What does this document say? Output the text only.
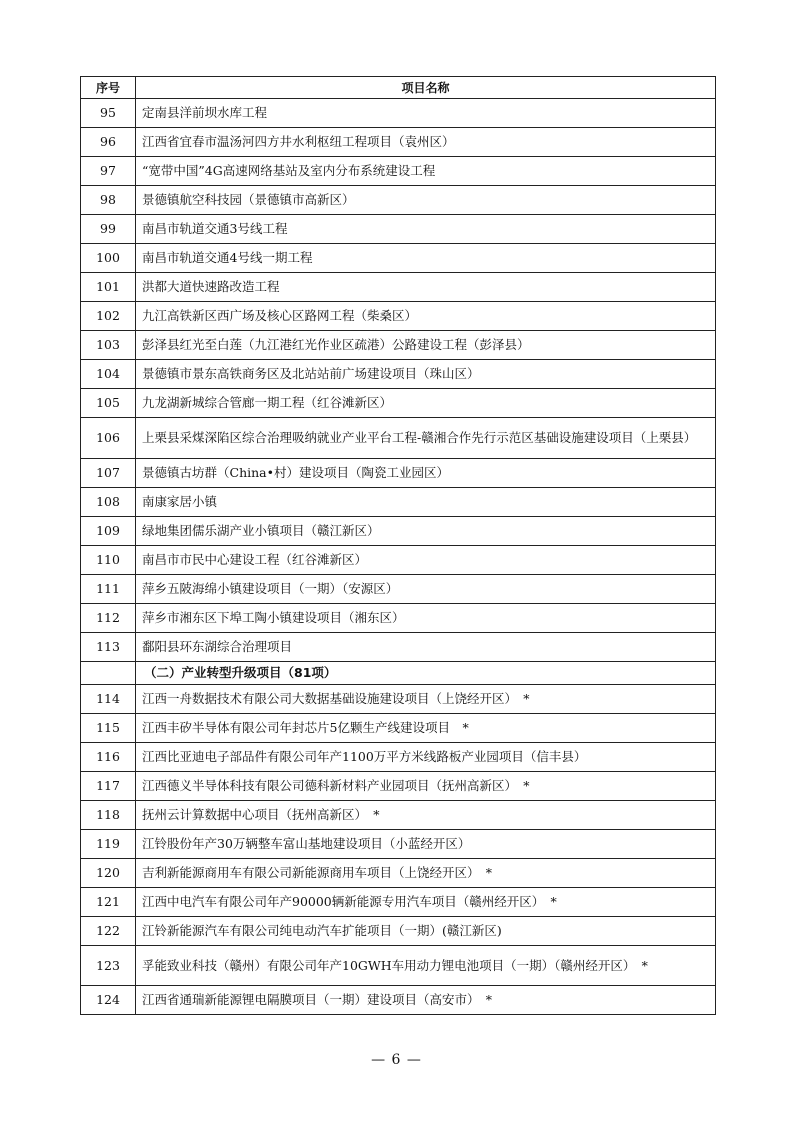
序号	项目名称
95	定南县洋前坝水库工程
96	江西省宜春市温汤河四方井水利枢纽工程项目（袁州区）
97	“宽带中国”4G高速网络基站及室内分布系统建设工程
98	景德镇航空科技园（景德镇市高新区）
99	南昌市轨道交通3号线工程
100	南昌市轨道交通4号线一期工程
101	洪都大道快速路改造工程
102	九江高铁新区西广场及核心区路网工程（柴桑区）
103	彭泽县红光至白莲（九江港红光作业区疏港）公路建设工程（彭泽县）
104	景德镇市景东高铁商务区及北站站前广场建设项目（珠山区）
105	九龙湖新城综合管廊一期工程（红谷滩新区）
106	上栗县采煤深陷区综合治理吸纳就业产业平台工程-赣湘合作先行示范区基础设施建设项目（上栗县）
107	景德镇古坊群（China•村）建设项目（陶瓷工业园区）
108	南康家居小镇
109	绿地集团儒乐湖产业小镇项目（赣江新区）
110	南昌市市民中心建设工程（红谷滩新区）
111	萍乡五陂海绵小镇建设项目（一期）（安源区）
112	萍乡市湘东区下埠工陶小镇建设项目（湘东区）
113	鄱阳县环东湖综合治理项目
	（二）产业转型升级项目（81项）
114	江西一舟数据技术有限公司大数据基础设施建设项目（上饶经开区）　*
115	江西丰矽半导体有限公司年封芯片5亿颗生产线建设项目　*
116	江西比亚迪电子部品件有限公司年产1100万平方米线路板产业园项目（信丰县）
117	江西德义半导体科技有限公司德科新材料产业园项目（抚州高新区）　*
118	抚州云计算数据中心项目（抚州高新区）　*
119	江铃股份年产30万辆整车富山基地建设项目（小蓝经开区）
120	吉利新能源商用车有限公司新能源商用车项目（上饶经开区）　*
121	江西中电汽车有限公司年产90000辆新能源专用汽车项目（赣州经开区）　*
122	江铃新能源汽车有限公司纯电动汽车扩能项目（一期）(赣江新区)
123	孚能致业科技（赣州）有限公司年产10GWH车用动力锂电池项目（一期）（赣州经开区）　*
124	江西省通瑞新能源锂电隔膜项目（一期）建设项目（高安市）　*
— 6 —
